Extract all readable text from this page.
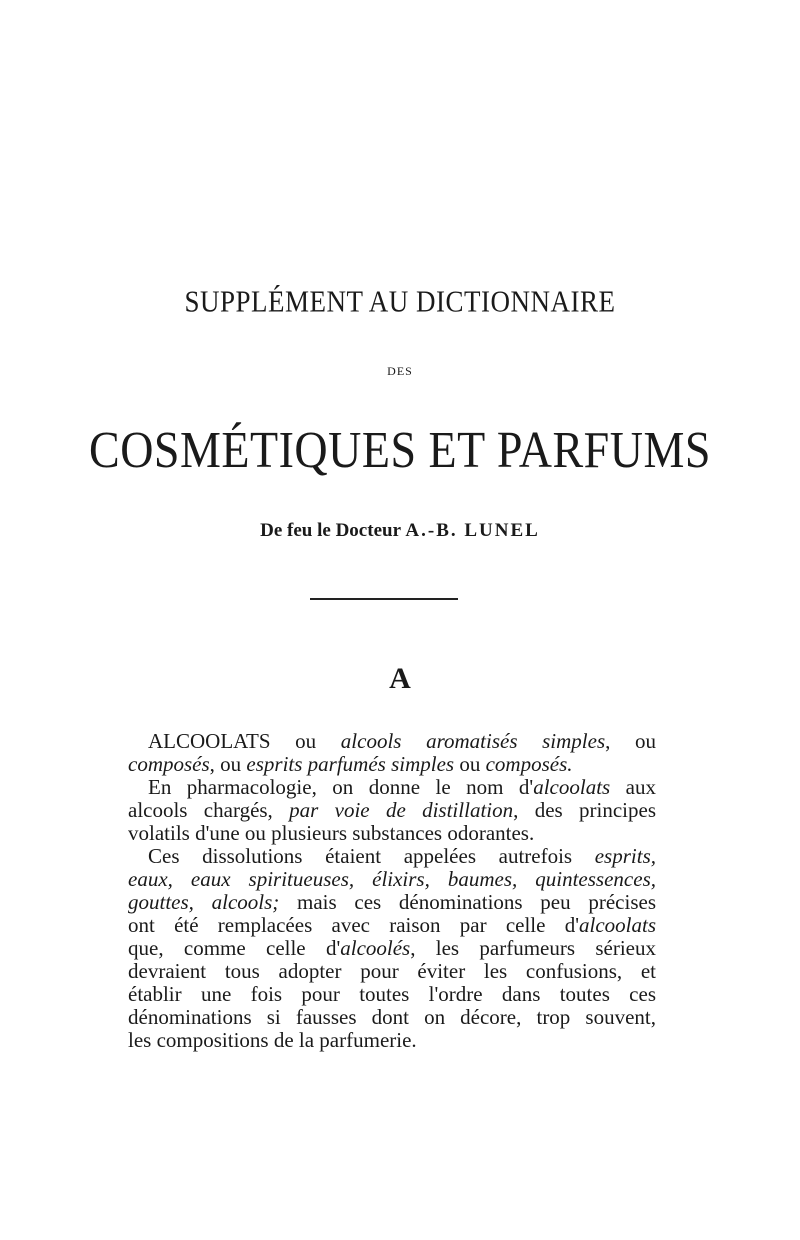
SUPPLÉMENT AU DICTIONNAIRE
DES
COSMÉTIQUES ET PARFUMS
De feu le Docteur A.-B. LUNEL
A

ALCOOLATS ou alcools aromatisés simples, ou
composés, ou esprits parfumés simples ou composés.

En pharmacologie, on donne le nom d'alcoolats aux
alcools chargés, par voie de distillation, des principes
volatils d'une ou plusieurs substances odorantes.

Ces dissolutions étaient appelées autrefois esprits,
eaux, eaux spiritueuses, élixirs, baumes, quintessences,
gouttes, alcools; mais ces dénominations peu précises
ont été remplacées avec raison par celle d'alcoolats
que, comme celle d'alcoolés, les parfumeurs sérieux
devraient tous adopter pour éviter les confusions, et
établir une fois pour toutes l'ordre dans toutes ces
dénominations si fausses dont on décore, trop souvent,
les compositions de la parfumerie.
